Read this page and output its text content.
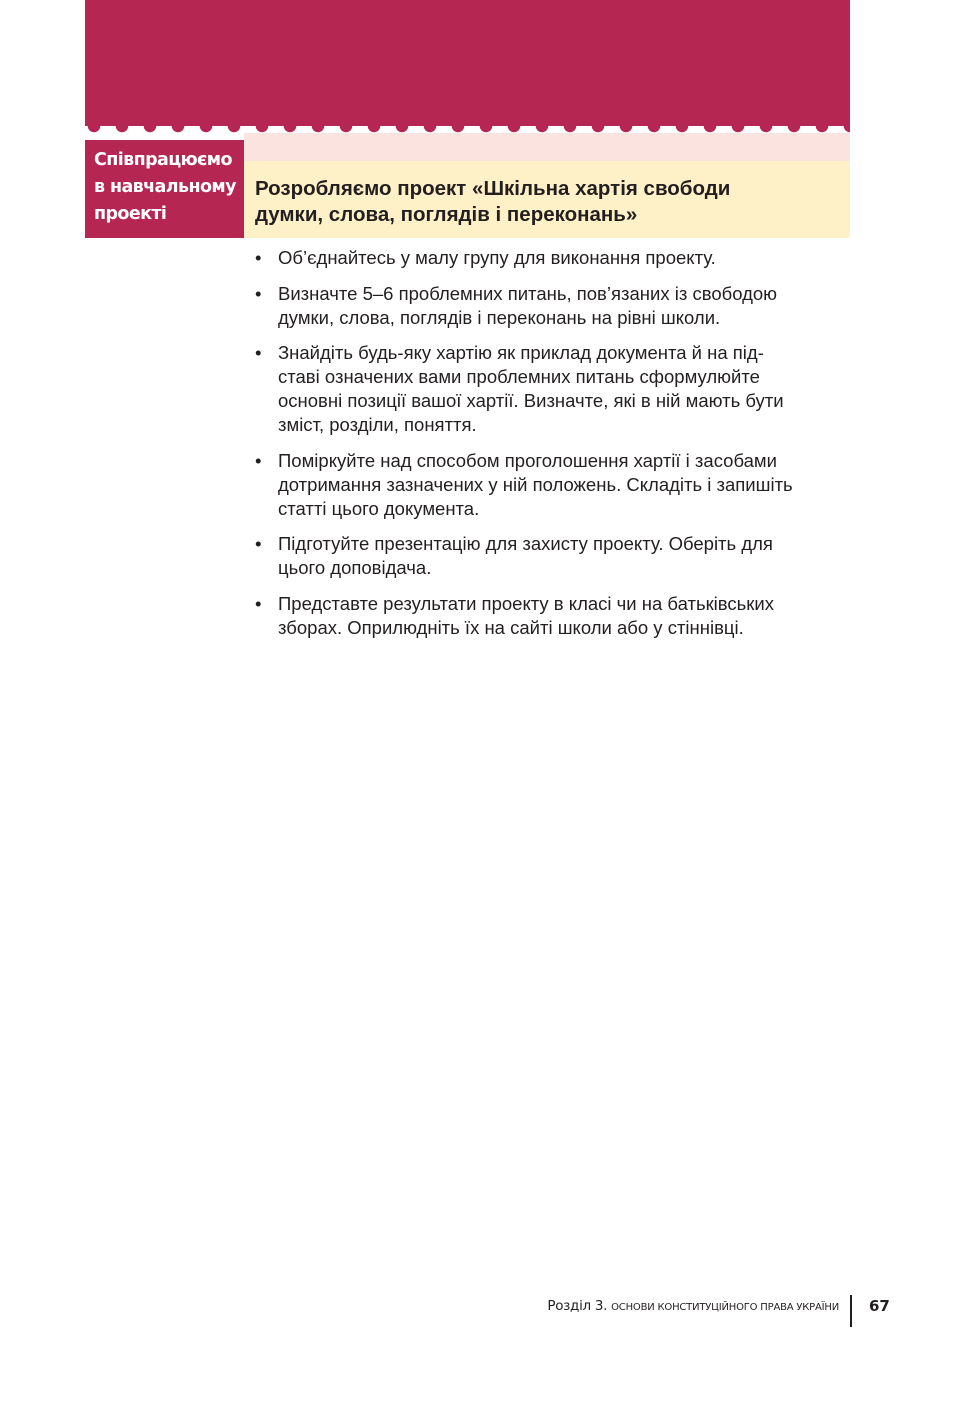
Співпрацюємо
в навчальному
проекті
Розробляємо проект «Шкільна хартія свободи
думки, слова, поглядів і переконань»
• Об’єднайтесь у малу групу для виконання проекту.
• Визначте 5–6 проблемних питань, пов’язаних із свободою
думки, слова, поглядів і переконань на рівні школи.
• Знайдіть будь-яку хартію як приклад документа й на під-
ставі означених вами проблемних питань сформулюйте
основні позиції вашої хартії. Визначте, які в ній мають бути
зміст, розділи, поняття.
• Поміркуйте над способом проголошення хартії і засобами
дотримання зазначених у ній положень. Складіть і запишіть
статті цього документа.
• Підготуйте презентацію для захисту проекту. Оберіть для
цього доповідача.
• Представте результати проекту в класі чи на батьківських
зборах. Оприлюдніть їх на сайті школи або у стіннівці.
Розділ 3. ОСНОВИ КОНСТИТУЦІЙНОГО ПРАВА УКРАЇНИ 67
